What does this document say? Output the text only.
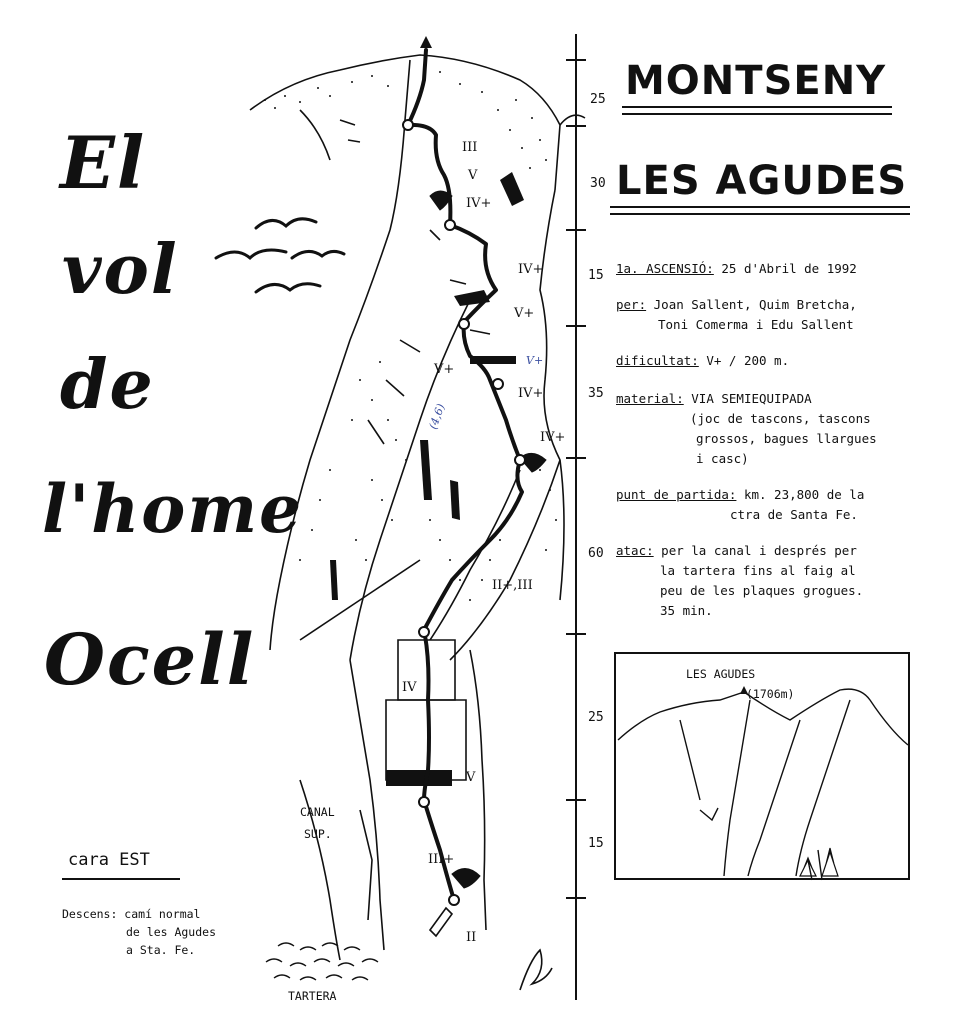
El
vol
de
l'home
Ocell
MONTSENY
LES AGUDES
25
30
15
35
60
25
15
III
V
IV+
IV+
V+
V+
IV+
IV+
II+,III
IV
V
III+
II
V+
(4,6)
CANAL
SUP.
TARTERA
1a. ASCENSIÓ: 25 d'Abril de 1992
per: Joan Sallent, Quim Bretcha,
Toni Comerma i Edu Sallent
dificultat: V+ / 200 m.
material: VIA SEMIEQUIPADA
(joc de tascons, tascons
grossos, bagues llargues
i casc)
punt de partida: km. 23,800 de la
ctra de Santa Fe.
atac: per la canal i després per
la tartera fins al faig al
peu de les plaques grogues.
35 min.
LES AGUDES
(1706m)
cara EST
Descens: camí normal
de les Agudes
a Sta. Fe.
